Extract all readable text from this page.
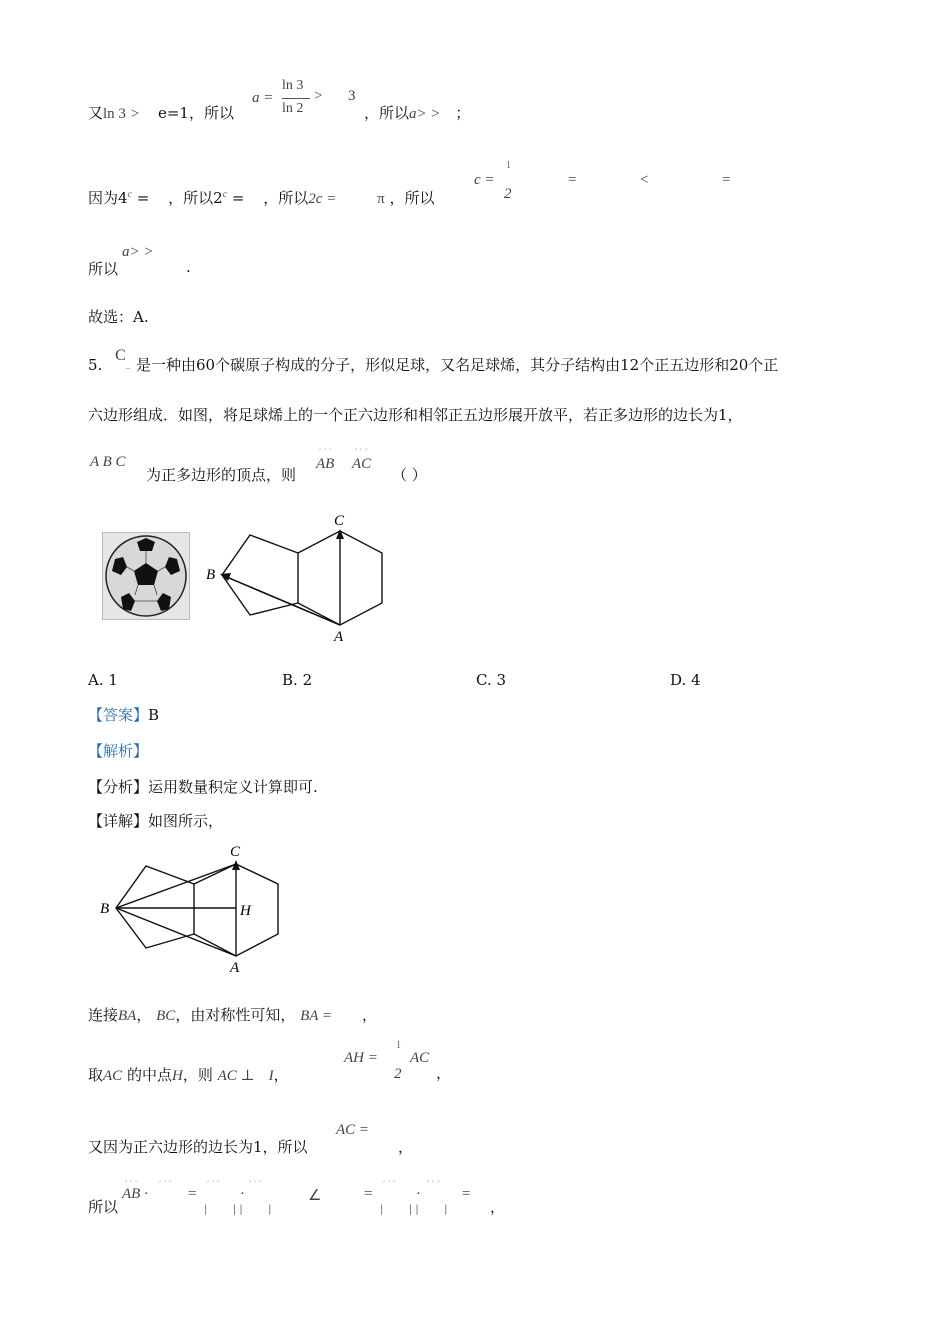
又ln 3 > e=1，所以
a =
ln 3
ln 2
> 3
，所以a> > ；
因为$4^c$ = ，所以$2^c$ = ，所以2c =	π ，所以
c =
1
2
=	<	=
所以
a> >
.
故选：A.
5. C‒ 是一种由60个碳原子构成的分子，形似足球，又名足球烯，其分子结构由12个正五边形和20个正
六边形组成．如图，将足球烯上的一个正六边形和相邻正五边形展开放平，若正多边形的边长为1，
A B C
为正多边形的顶点，则
◦◦◦
AB
◦◦◦
AC
（ ）
C
B
A
A. 1	B. 2	C. 3	D. 4
【答案】B
【解析】
【分析】运用数量积定义计算即可.
【详解】如图所示，
C
B	H
A
连接BA， BC，由对称性可知， BA = ，
取AC 的中点H，则 AC ⊥ I，
AH =
1
2
AC
，
又因为正六边形的边长为1，所以
AC =
，
所以
◦◦◦
AB ·
◦◦◦
=
◦◦◦
·
◦◦◦
|        | |        |
∠	=
◦◦◦
·
◦◦◦
|        | |        |
=
，
